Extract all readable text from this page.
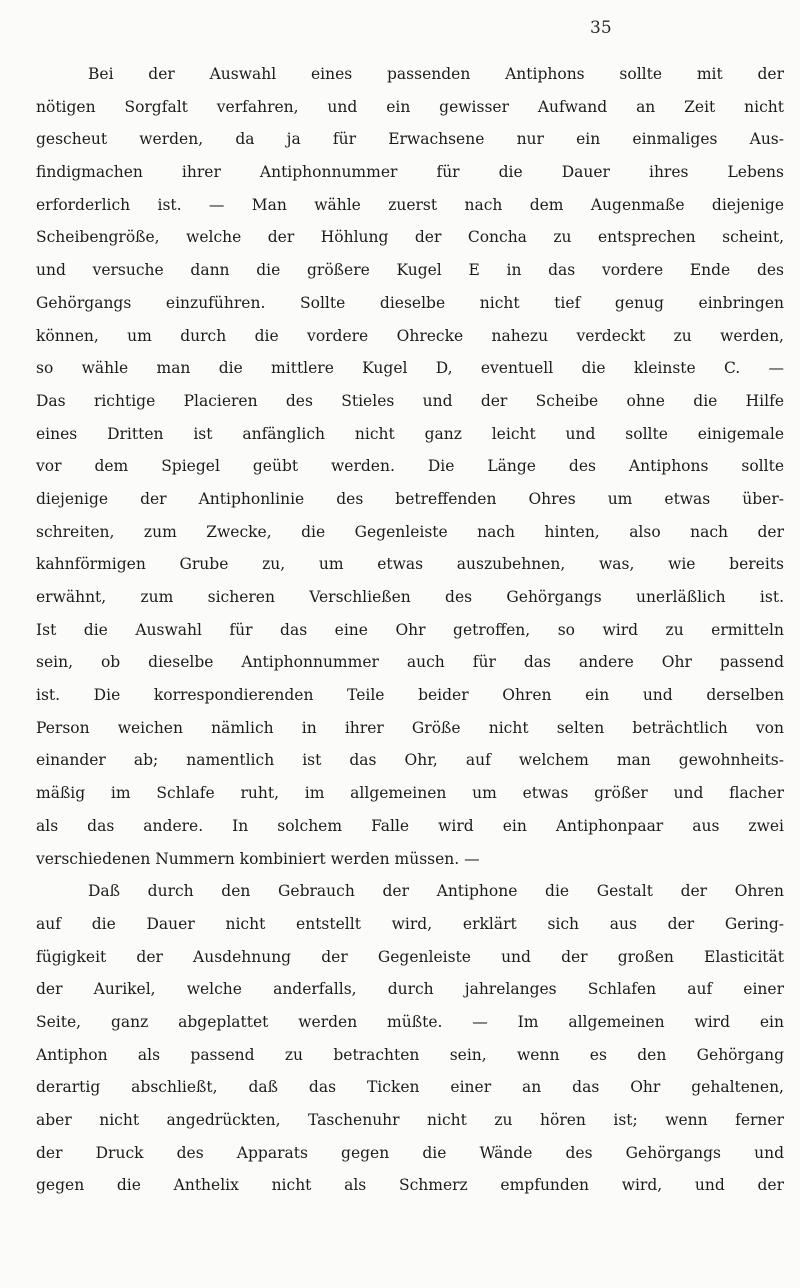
35
Bei der Auswahl eines passenden Antiphons sollte mit der
nötigen Sorgfalt verfahren, und ein gewisser Aufwand an Zeit nicht
gescheut werden, da ja für Erwachsene nur ein einmaliges Aus-
findigmachen ihrer Antiphonnummer für die Dauer ihres Lebens
erforderlich ist. — Man wähle zuerst nach dem Augenmaße diejenige
Scheibengröße, welche der Höhlung der Concha zu entsprechen scheint,
und versuche dann die größere Kugel E in das vordere Ende des
Gehörgangs einzuführen. Sollte dieselbe nicht tief genug einbringen
können, um durch die vordere Ohrecke nahezu verdeckt zu werden,
so wähle man die mittlere Kugel D, eventuell die kleinste C. —
Das richtige Placieren des Stieles und der Scheibe ohne die Hilfe
eines Dritten ist anfänglich nicht ganz leicht und sollte einigemale
vor dem Spiegel geübt werden. Die Länge des Antiphons sollte
diejenige der Antiphonlinie des betreffenden Ohres um etwas über-
schreiten, zum Zwecke, die Gegenleiste nach hinten, also nach der
kahnförmigen Grube zu, um etwas auszubehnen, was, wie bereits
erwähnt, zum sicheren Verschließen des Gehörgangs unerläßlich ist.
Ist die Auswahl für das eine Ohr getroffen, so wird zu ermitteln
sein, ob dieselbe Antiphonnummer auch für das andere Ohr passend
ist. Die korrespondierenden Teile beider Ohren ein und derselben
Person weichen nämlich in ihrer Größe nicht selten beträchtlich von
einander ab; namentlich ist das Ohr, auf welchem man gewohnheits-
mäßig im Schlafe ruht, im allgemeinen um etwas größer und flacher
als das andere. In solchem Falle wird ein Antiphonpaar aus zwei
verschiedenen Nummern kombiniert werden müssen. —
Daß durch den Gebrauch der Antiphone die Gestalt der Ohren
auf die Dauer nicht entstellt wird, erklärt sich aus der Gering-
fügigkeit der Ausdehnung der Gegenleiste und der großen Elasticität
der Aurikel, welche anderfalls, durch jahrelanges Schlafen auf einer
Seite, ganz abgeplattet werden müßte. — Im allgemeinen wird ein
Antiphon als passend zu betrachten sein, wenn es den Gehörgang
derartig abschließt, daß das Ticken einer an das Ohr gehaltenen,
aber nicht angedrückten, Taschenuhr nicht zu hören ist; wenn ferner
der Druck des Apparats gegen die Wände des Gehörgangs und
gegen die Anthelix nicht als Schmerz empfunden wird, und der
